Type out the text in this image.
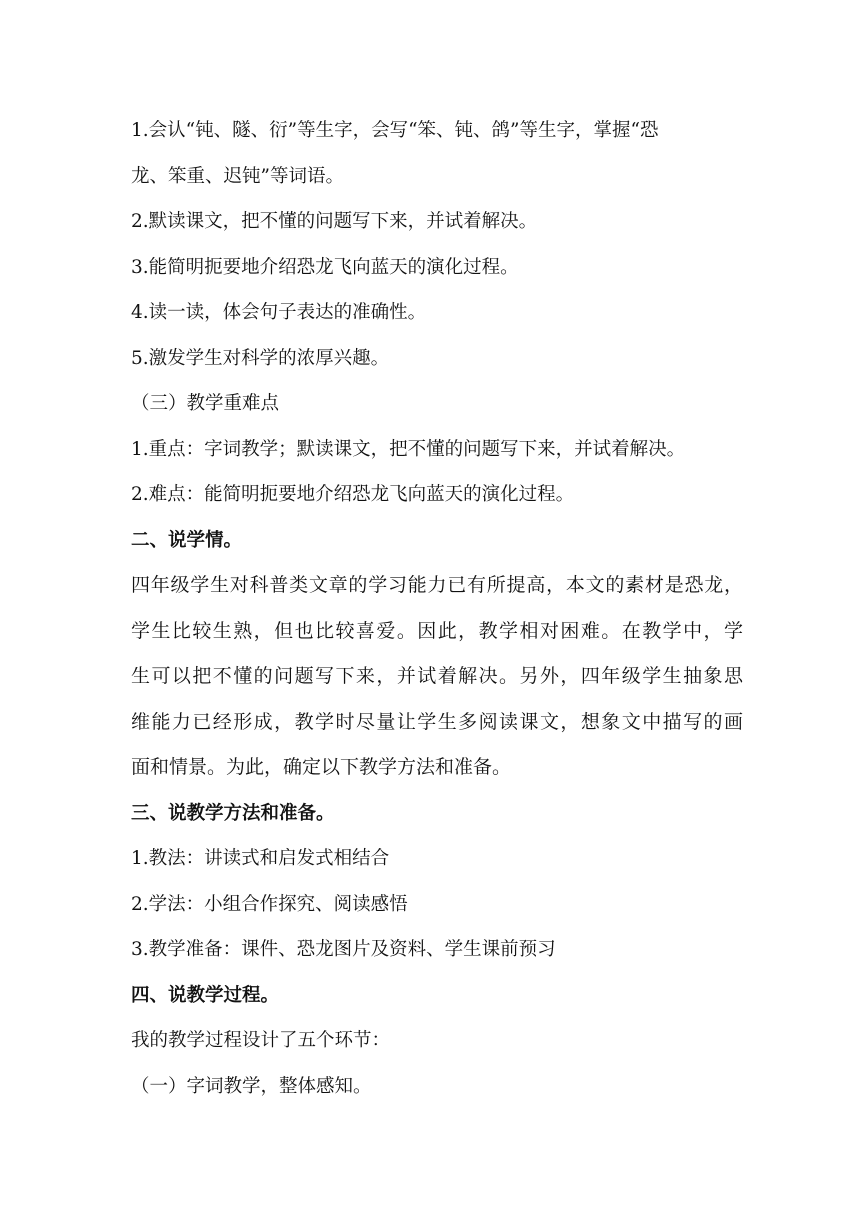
1.会认“钝、隧、衍”等生字，会写“笨、钝、鸽”等生字，掌握“恐

龙、笨重、迟钝”等词语。

2.默读课文，把不懂的问题写下来，并试着解决。

3.能简明扼要地介绍恐龙飞向蓝天的演化过程。

4.读一读，体会句子表达的准确性。

5.激发学生对科学的浓厚兴趣。

（三）教学重难点

1.重点：字词教学；默读课文，把不懂的问题写下来，并试着解决。

2.难点：能简明扼要地介绍恐龙飞向蓝天的演化过程。

二、说学情。

四年级学生对科普类文章的学习能力已有所提高，本文的素材是恐龙，
学生比较生熟，但也比较喜爱。因此，教学相对困难。在教学中，学
生可以把不懂的问题写下来，并试着解决。另外，四年级学生抽象思
维能力已经形成，教学时尽量让学生多阅读课文，想象文中描写的画
面和情景。为此，确定以下教学方法和准备。

三、说教学方法和准备。

1.教法：讲读式和启发式相结合

2.学法：小组合作探究、阅读感悟

3.教学准备：课件、恐龙图片及资料、学生课前预习

四、说教学过程。

我的教学过程设计了五个环节：

（一）字词教学，整体感知。
